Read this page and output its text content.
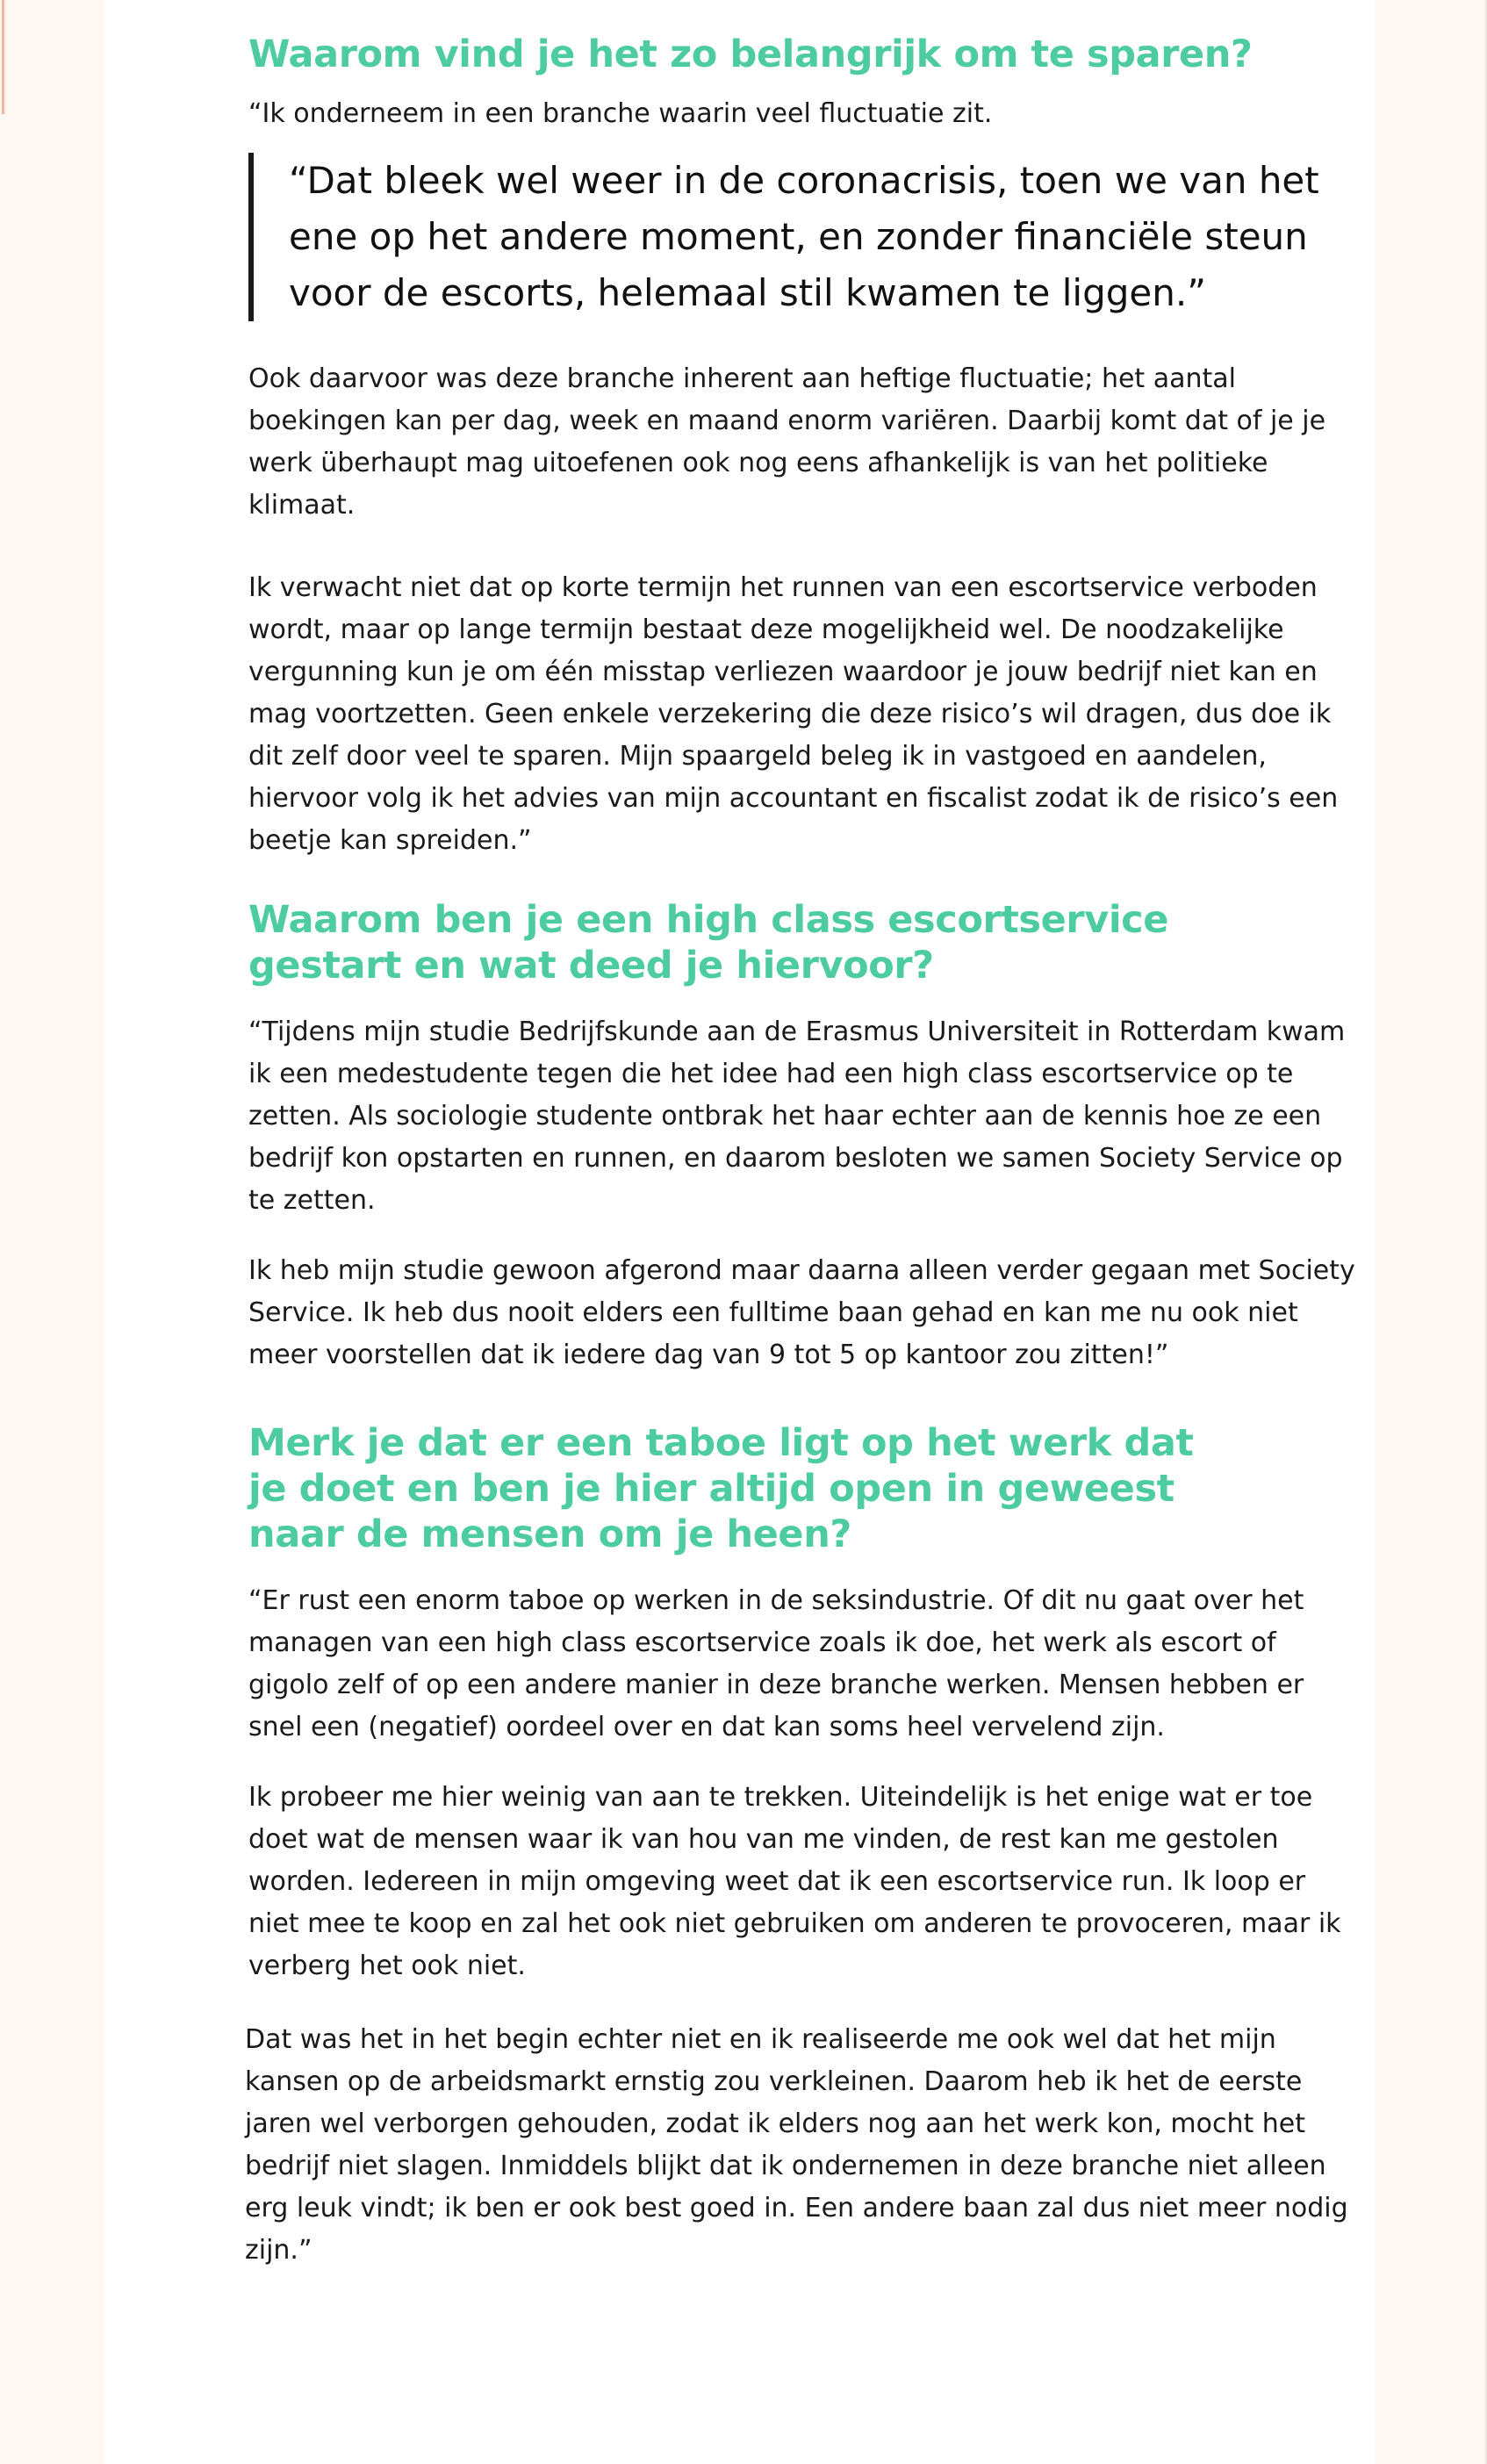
Waarom vind je het zo belangrijk om te sparen?

“Ik onderneem in een branche waarin veel fluctuatie zit.

“Dat bleek wel weer in de coronacrisis, toen we van het ene op het andere moment, en zonder financiële steun voor de escorts, helemaal stil kwamen te liggen.”

Ook daarvoor was deze branche inherent aan heftige fluctuatie; het aantal boekingen kan per dag, week en maand enorm variëren. Daarbij komt dat of je je werk überhaupt mag uitoefenen ook nog eens afhankelijk is van het politieke klimaat.

Ik verwacht niet dat op korte termijn het runnen van een escortservice verboden wordt, maar op lange termijn bestaat deze mogelijkheid wel. De noodzakelijke vergunning kun je om één misstap verliezen waardoor je jouw bedrijf niet kan en mag voortzetten. Geen enkele verzekering die deze risico’s wil dragen, dus doe ik dit zelf door veel te sparen. Mijn spaargeld beleg ik in vastgoed en aandelen, hiervoor volg ik het advies van mijn accountant en fiscalist zodat ik de risico’s een beetje kan spreiden.”

Waarom ben je een high class escortservice gestart en wat deed je hiervoor?

“Tijdens mijn studie Bedrijfskunde aan de Erasmus Universiteit in Rotterdam kwam ik een medestudente tegen die het idee had een high class escortservice op te zetten. Als sociologie studente ontbrak het haar echter aan de kennis hoe ze een bedrijf kon opstarten en runnen, en daarom besloten we samen Society Service op te zetten.

Ik heb mijn studie gewoon afgerond maar daarna alleen verder gegaan met Society Service. Ik heb dus nooit elders een fulltime baan gehad en kan me nu ook niet meer voorstellen dat ik iedere dag van 9 tot 5 op kantoor zou zitten!”

Merk je dat er een taboe ligt op het werk dat je doet en ben je hier altijd open in geweest naar de mensen om je heen?

“Er rust een enorm taboe op werken in de seksindustrie. Of dit nu gaat over het managen van een high class escortservice zoals ik doe, het werk als escort of gigolo zelf of op een andere manier in deze branche werken. Mensen hebben er snel een (negatief) oordeel over en dat kan soms heel vervelend zijn.

Ik probeer me hier weinig van aan te trekken. Uiteindelijk is het enige wat er toe doet wat de mensen waar ik van hou van me vinden, de rest kan me gestolen worden. Iedereen in mijn omgeving weet dat ik een escortservice run. Ik loop er niet mee te koop en zal het ook niet gebruiken om anderen te provoceren, maar ik verberg het ook niet.

Dat was het in het begin echter niet en ik realiseerde me ook wel dat het mijn kansen op de arbeidsmarkt ernstig zou verkleinen. Daarom heb ik het de eerste jaren wel verborgen gehouden, zodat ik elders nog aan het werk kon, mocht het bedrijf niet slagen. Inmiddels blijkt dat ik ondernemen in deze branche niet alleen erg leuk vindt; ik ben er ook best goed in. Een andere baan zal dus niet meer nodig zijn.”
